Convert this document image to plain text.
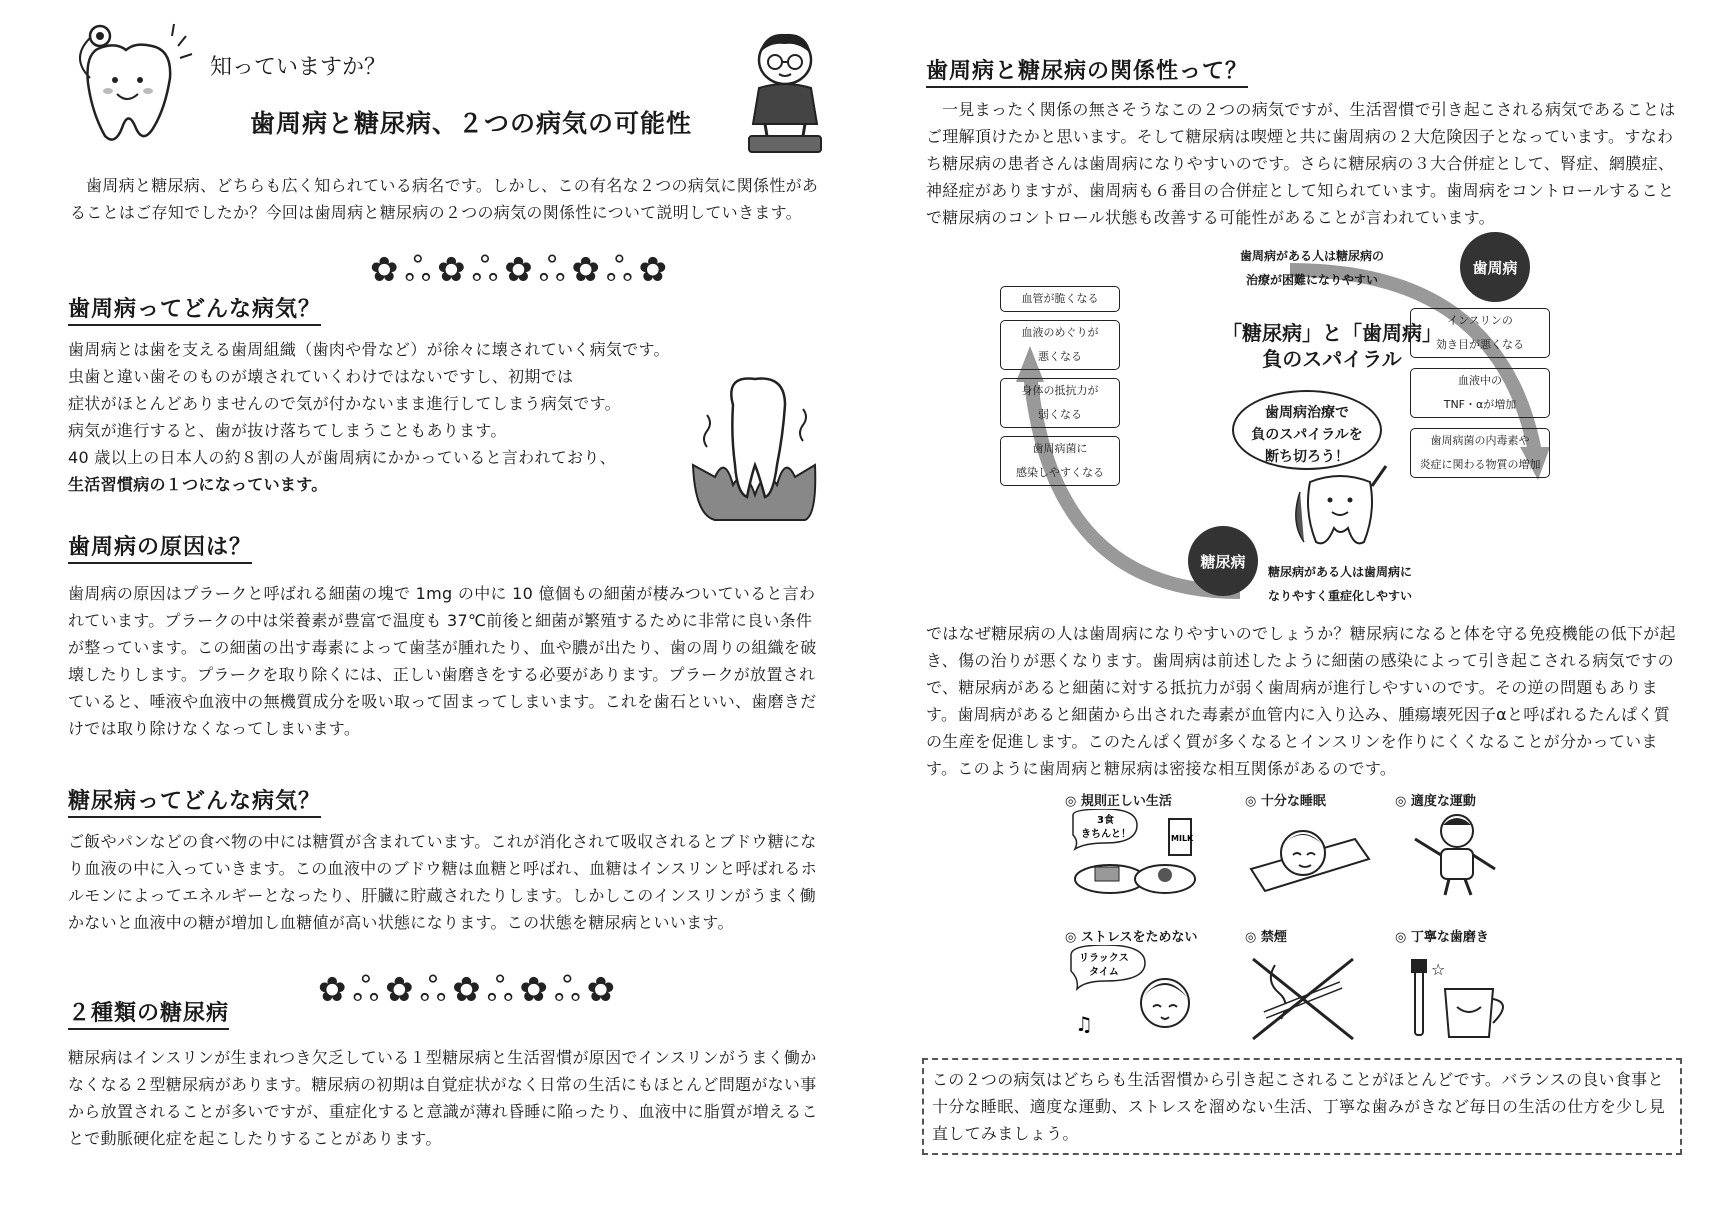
知っていますか？
歯周病と糖尿病、２つの病気の可能性

歯周病と糖尿病、どちらも広く知られている病名です。しかし、この有名な２つの病気に関係性があることはご存知でしたか？今回は歯周病と糖尿病の２つの病気の関係性について説明していきます。

✿ஃ✿ஃ✿ஃ✿ஃ✿
歯周病ってどんな病気？

歯周病とは歯を支える歯周組織（歯肉や骨など）が徐々に壊されていく病気です。

虫歯と違い歯そのものが壊されていくわけではないですし、初期では

症状がほとんどありませんので気が付かないまま進行してしまう病気です。

病気が進行すると、歯が抜け落ちてしまうこともあります。

40 歳以上の日本人の約８割の人が歯周病にかかっていると言われており、

生活習慣病の１つになっています。

歯周病の原因は？

歯周病の原因はプラークと呼ばれる細菌の塊で 1mg の中に 10 億個もの細菌が棲みついていると言われています。プラークの中は栄養素が豊富で温度も 37℃前後と細菌が繁殖するために非常に良い条件が整っています。この細菌の出す毒素によって歯茎が腫れたり、血や膿が出たり、歯の周りの組織を破壊したりします。プラークを取り除くには、正しい歯磨きをする必要があります。プラークが放置されていると、唾液や血液中の無機質成分を吸い取って固まってしまいます。これを歯石といい、歯磨きだけでは取り除けなくなってしまいます。

糖尿病ってどんな病気？

ご飯やパンなどの食べ物の中には糖質が含まれています。これが消化されて吸収されるとブドウ糖になり血液の中に入っていきます。この血液中のブドウ糖は血糖と呼ばれ、血糖はインスリンと呼ばれるホルモンによってエネルギーとなったり、肝臓に貯蔵されたりします。しかしこのインスリンがうまく働かないと血液中の糖が増加し血糖値が高い状態になります。この状態を糖尿病といいます。

✿ஃ✿ஃ✿ஃ✿ஃ✿
２種類の糖尿病

糖尿病はインスリンが生まれつき欠乏している１型糖尿病と生活習慣が原因でインスリンがうまく働かなくなる２型糖尿病があります。糖尿病の初期は自覚症状がなく日常の生活にもほとんど問題がない事から放置されることが多いですが、重症化すると意識が薄れ昏睡に陥ったり、血液中に脂質が増えることで動脈硬化症を起こしたりすることがあります。

歯周病と糖尿病の関係性って？

一見まったく関係の無さそうなこの２つの病気ですが、生活習慣で引き起こされる病気であることはご理解頂けたかと思います。そして糖尿病は喫煙と共に歯周病の２大危険因子となっています。すなわち糖尿病の患者さんは歯周病になりやすいのです。さらに糖尿病の３大合併症として、腎症、網膜症、神経症がありますが、歯周病も６番目の合併症として知られています。歯周病をコントロールすることで糖尿病のコントロール状態も改善する可能性があることが言われています。

歯周病がある人は糖尿病の
治療が困難になりやすい
歯周病
糖尿病
「糖尿病」と「歯周病」
負のスパイラル
歯周病治療で
負のスパイラルを
断ち切ろう！
血管が脆くなる
血液のめぐりが
悪くなる
身体の抵抗力が
弱くなる
歯周病菌に
感染しやすくなる
インスリンの
効き目が悪くなる
血液中の
TNF・αが増加
歯周病菌の内毒素や
炎症に関わる物質の増加
糖尿病がある人は歯周病に
なりやすく重症化しやすい

ではなぜ糖尿病の人は歯周病になりやすいのでしょうか？糖尿病になると体を守る免疫機能の低下が起き、傷の治りが悪くなります。歯周病は前述したように細菌の感染によって引き起こされる病気ですので、糖尿病があると細菌に対する抵抗力が弱く歯周病が進行しやすいのです。その逆の問題もあります。歯周病があると細菌から出された毒素が血管内に入り込み、腫瘍壊死因子αと呼ばれるたんぱく質の生産を促進します。このたんぱく質が多くなるとインスリンを作りにくくなることが分かっています。このように歯周病と糖尿病は密接な相互関係があるのです。

◎ 規則正しい生活
MILK
3食
きちんと！
◎ 十分な睡眠	◎ 適度な運動
◎ ストレスをためない
リラックス
タイム
♫
◎ 禁煙	◎ 丁寧な歯磨き
☆

この２つの病気はどちらも生活習慣から引き起こされることがほとんどです。バランスの良い食事と十分な睡眠、適度な運動、ストレスを溜めない生活、丁寧な歯みがきなど毎日の生活の仕方を少し見直してみましょう。
